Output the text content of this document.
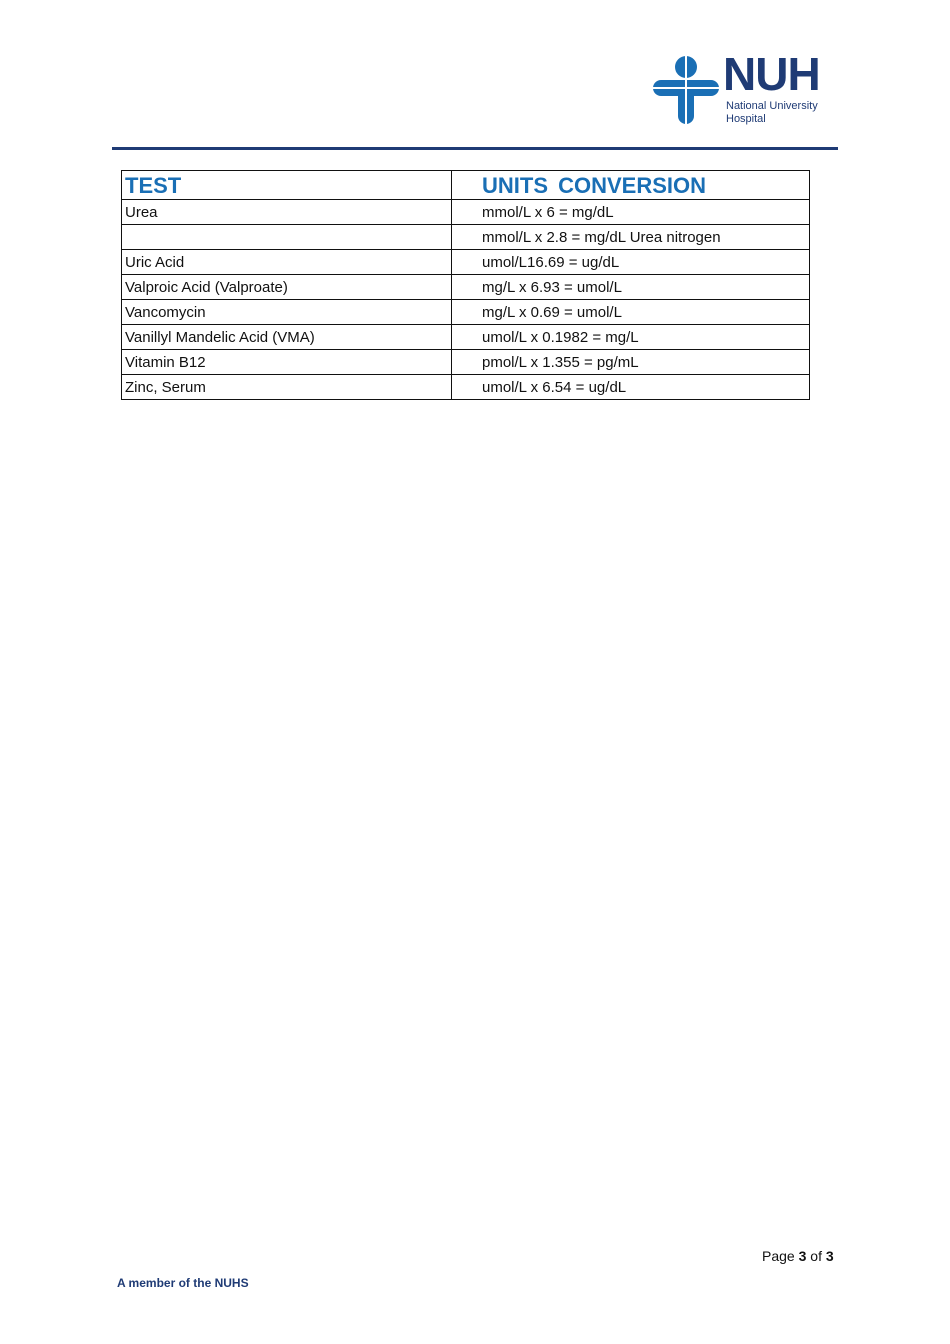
NUH
National University
Hospital
TEST	UNITS CONVERSION
Urea	mmol/L x 6 = mg/dL
	mmol/L x 2.8 = mg/dL Urea nitrogen
Uric Acid	umol/L16.69 = ug/dL
Valproic Acid (Valproate)	mg/L x 6.93 = umol/L
Vancomycin	mg/L x 0.69 = umol/L
Vanillyl Mandelic Acid (VMA)	umol/L x 0.1982 = mg/L
Vitamin B12	pmol/L x 1.355 = pg/mL
Zinc, Serum	umol/L x 6.54 = ug/dL
Page 3 of 3
A member of the NUHS
